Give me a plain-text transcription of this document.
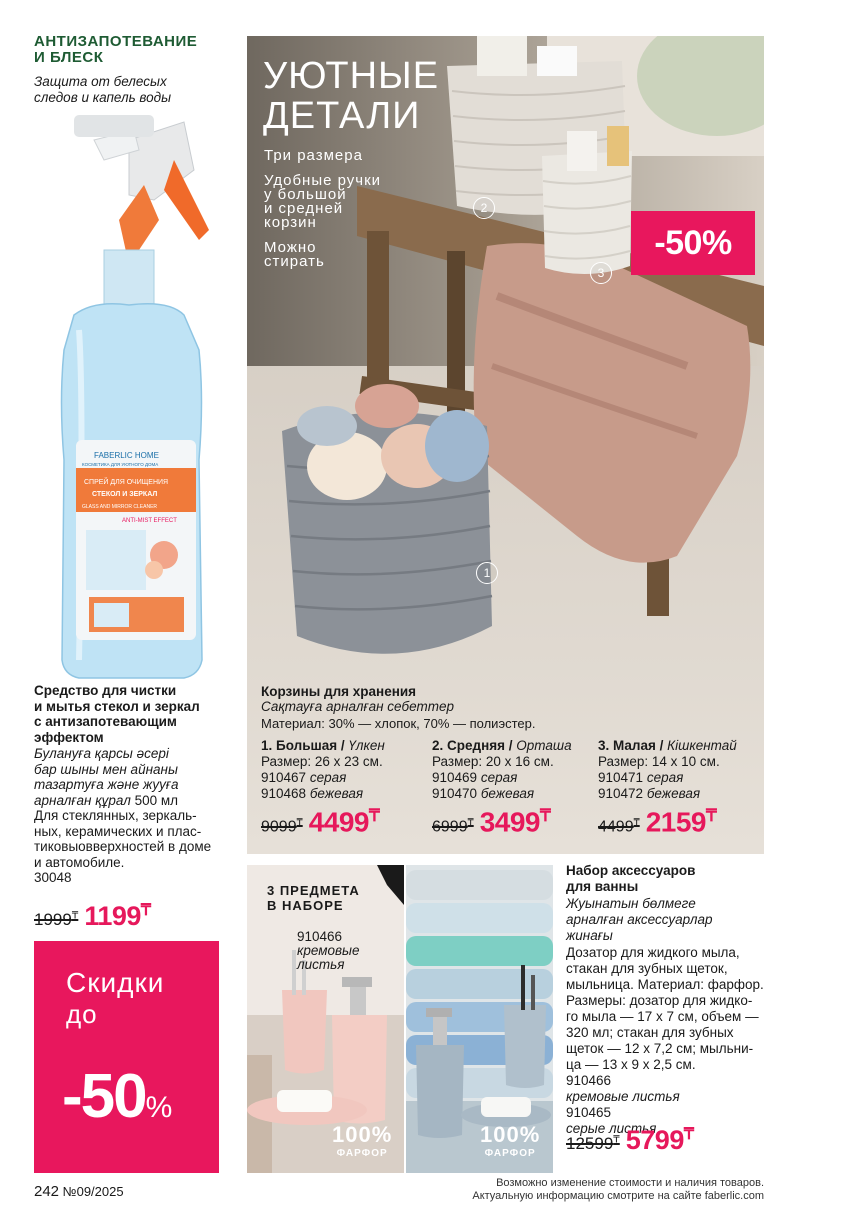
АНТИЗАПОТЕВАНИЕ
И БЛЕСК
Защита от белесых
следов и капель воды
FABERLIC HOME
КОСМЕТИКА ДЛЯ УЮТНОГО ДОМА
СПРЕЙ ДЛЯ ОЧИЩЕНИЯ
СТЕКОЛ И ЗЕРКАЛ
GLASS AND MIRROR CLEANER
ANTI-MIST EFFECT
Средство для чистки
и мытья стекол и зеркал
с антизапотевающим
эффектом
Булануға қарсы әсері
бар шыны мен айнаны
тазартуға және жууға
арналған құрал 500 мл
Для стеклянных, зеркаль-
ных, керамических и плас-
тиковыовверхностей в доме
и автомобиле.
30048
1999₸ 1199₸
Скидки
до
-50%
242 №09/2025
УЮТНЫЕ
ДЕТАЛИ
Три размера
Удобные ручки
у большой
и средней
корзин
Можно
стирать	-50%
2
3
1
Корзины для хранения
Сақтауға арналған себеттер
Материал: 30% — хлопок, 70% — полиэстер.
1. Большая / Үлкен
Размер: 26 x 23 см.
910467 серая
910468 бежевая
9099₸ 4499₸
2. Средняя / Орташа
Размер: 20 x 16 см.
910469 серая
910470 бежевая
6999₸ 3499₸
3. Малая / Кішкентай
Размер: 14 x 10 см.
910471 серая
910472 бежевая
4499₸ 2159₸
3 ПРЕДМЕТА
В НАБОРЕ
910466
кремовые
листья
100%
ФАРФОР
100%
ФАРФОР
Набор аксессуаров
для ванны
Жуынатын бөлмеге
арналған аксессуарлар
жинағы
Дозатор для жидкого мыла,
стакан для зубных щеток,
мыльница. Материал: фарфор.
Размеры: дозатор для жидко-
го мыла — 17 x 7 см, объем —
320 мл; стакан для зубных
щеток — 12 x 7,2 см; мыльни-
ца — 13 x 9 x 2,5 см.
910466
кремовые листья
910465
серые листья
12599₸ 5799₸
Возможно изменение стоимости и наличия товаров.
Актуальную информацию смотрите на сайте faberlic.com
